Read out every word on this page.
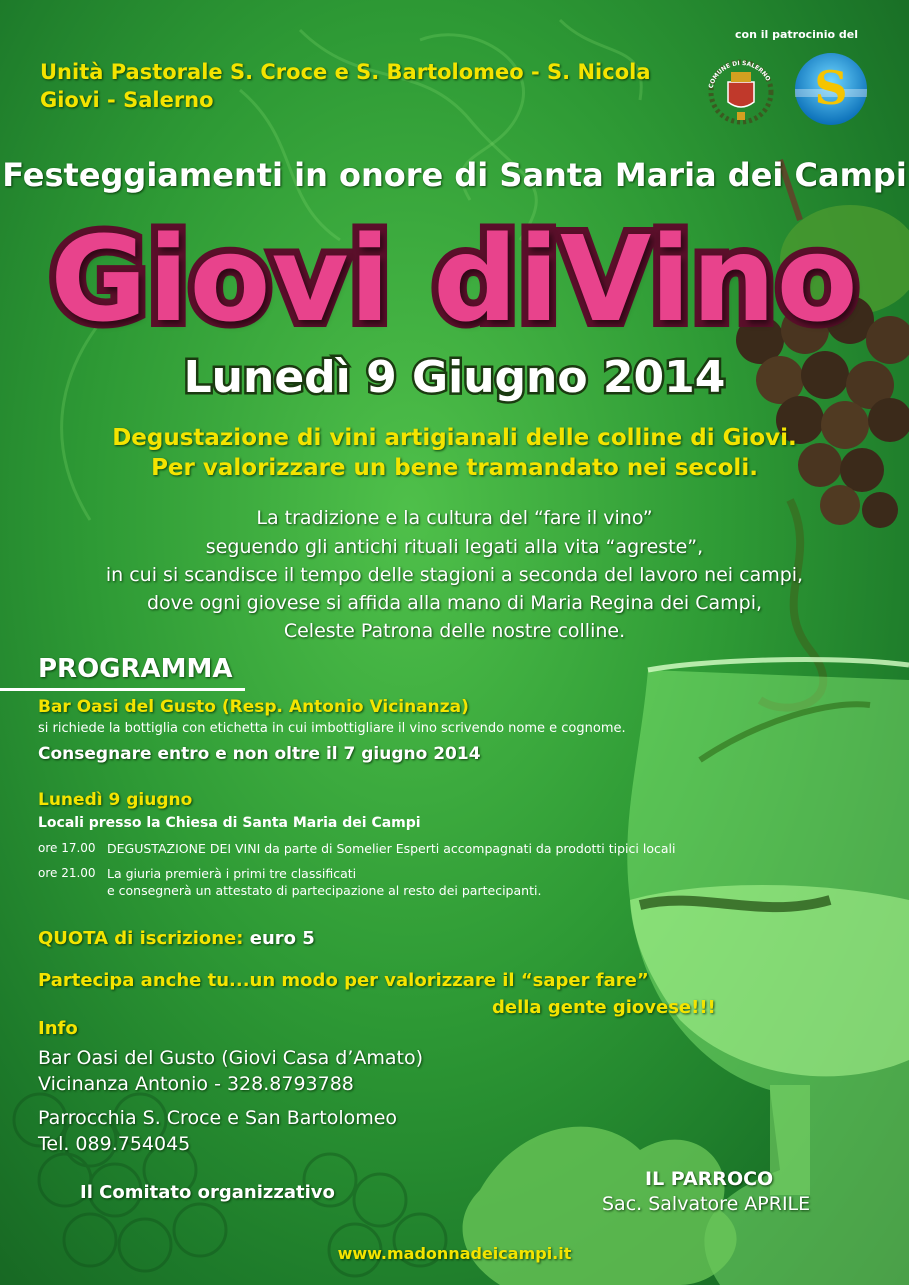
Unità Pastorale S. Croce e S. Bartolomeo - S. Nicola
Giovi - Salerno
con il patrocinio del
COMUNE DI SALERNO S
Festeggiamenti in onore di Santa Maria dei Campi
Giovi diVino
Lunedì 9 Giugno 2014
Degustazione di vini artigianali delle colline di Giovi.
Per valorizzare un bene tramandato nei secoli.
La tradizione e la cultura del “fare il vino”
seguendo gli antichi rituali legati alla vita “agreste”,
in cui si scandisce il tempo delle stagioni a seconda del lavoro nei campi,
dove ogni giovese si affida alla mano di Maria Regina dei Campi,
Celeste Patrona delle nostre colline.
PROGRAMMA
Bar Oasi del Gusto (Resp. Antonio Vicinanza)
si richiede la bottiglia con etichetta in cui imbottigliare il vino scrivendo nome e cognome.
Consegnare entro e non oltre il 7 giugno 2014
Lunedì 9 giugno
Locali presso la Chiesa di Santa Maria dei Campi
ore 17.00 DEGUSTAZIONE DEI VINI da parte di Somelier Esperti accompagnati da prodotti tipici locali
ore 21.00 La giuria premierà i primi tre classificati
e consegnerà un attestato di partecipazione al resto dei partecipanti.
QUOTA di iscrizione: euro 5
Partecipa anche tu...un modo per valorizzare il “saper fare”
della gente giovese!!!
Info
Bar Oasi del Gusto (Giovi Casa d’Amato)
Vicinanza Antonio - 328.8793788
Parrocchia S. Croce e San Bartolomeo
Tel. 089.754045
Il Comitato organizzativo
IL PARROCO
Sac. Salvatore APRILE
www.madonnadeicampi.it
